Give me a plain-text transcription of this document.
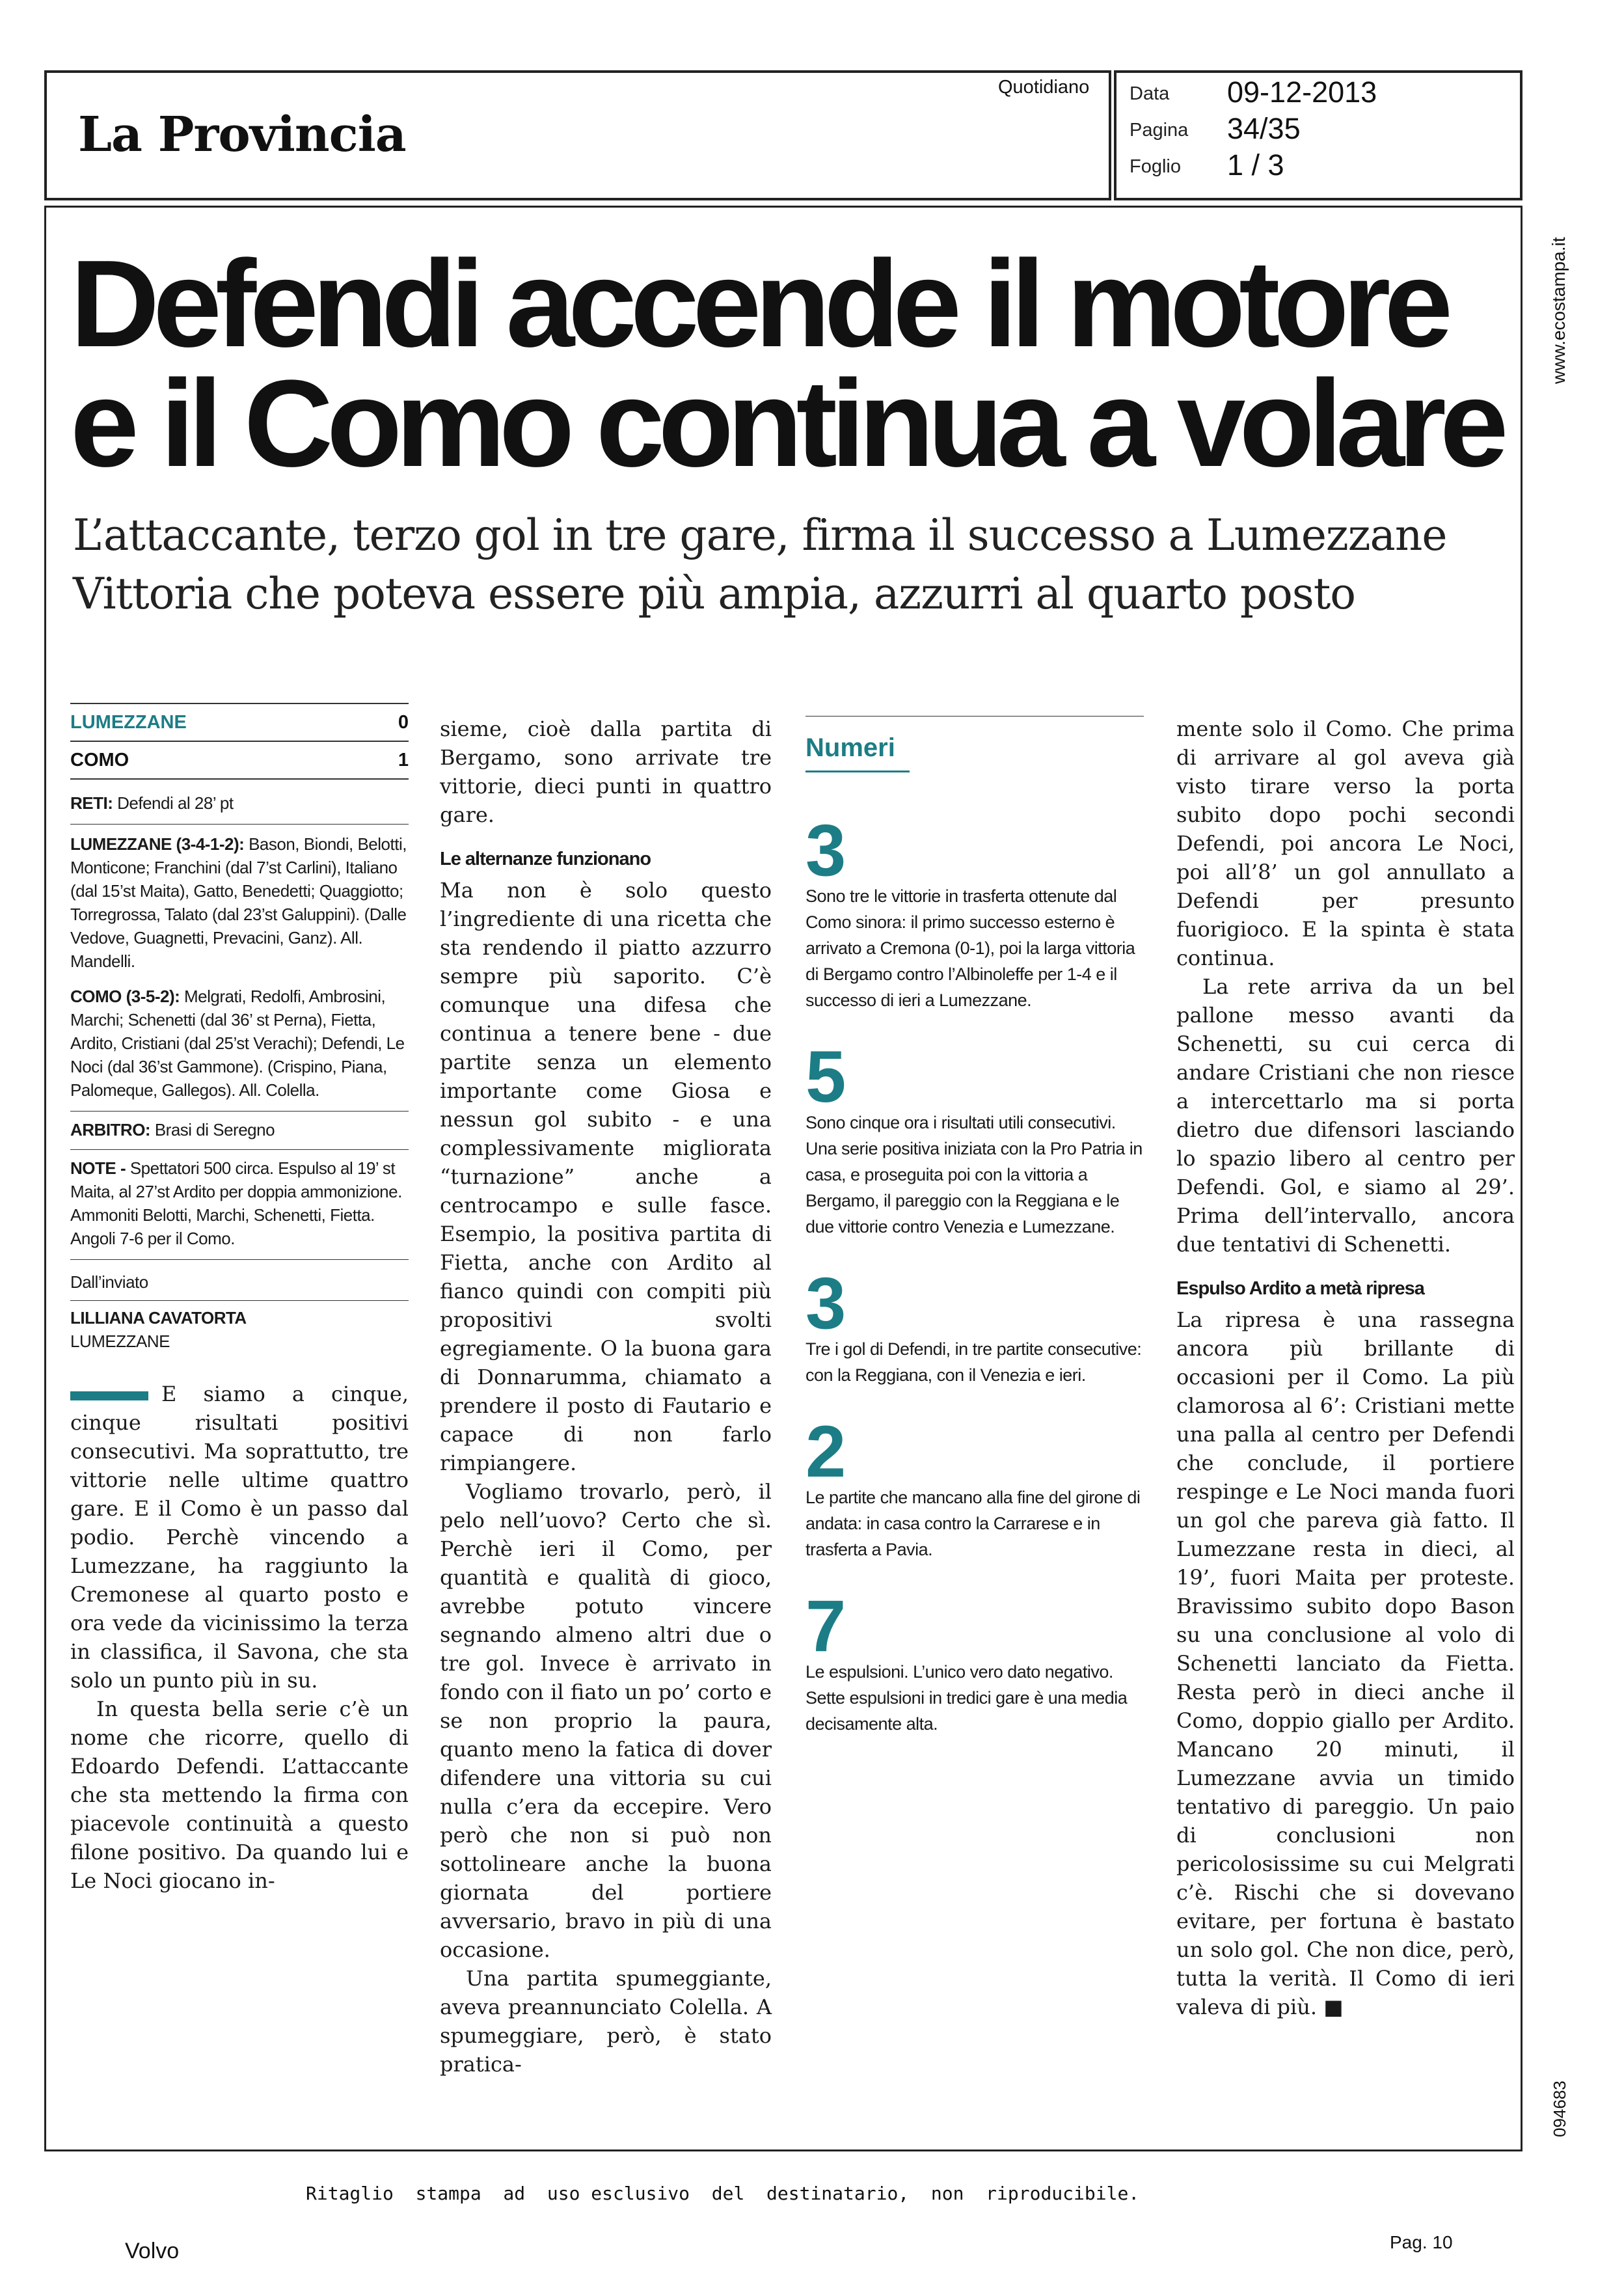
La Provincia
Quotidiano Data 09-12-2013
Pagina 34/35
Foglio 1 / 3
www.ecostampa.it
094683
Defendi accende il motore
e il Como continua a volare
L’attaccante, terzo gol in tre gare, firma il successo a Lumezzane
Vittoria che poteva essere più ampia, azzurri al quarto posto
LUMEZZANE	0
COMO	1
RETI: Defendi al 28’ pt
LUMEZZANE (3-4-1-2): Bason, Biondi, Belotti, Monticone; Franchini (dal 7’st Carlini), Italiano (dal 15’st Maita), Gatto, Benedetti; Quaggiotto; Torregrossa, Talato (dal 23’st Galuppini). (Dalle Vedove, Guagnetti, Prevacini, Ganz). All. Mandelli.
COMO (3-5-2): Melgrati, Redolfi, Ambrosini, Marchi; Schenetti (dal 36’ st Perna), Fietta, Ardito, Cristiani (dal 25’st Verachi); Defendi, Le Noci (dal 36’st Gammone). (Crispino, Piana, Palomeque, Gallegos). All. Colella.
ARBITRO: Brasi di Seregno
NOTE - Spettatori 500 circa. Espulso al 19’ st Maita, al 27’st Ardito per doppia ammonizione. Ammoniti Belotti, Marchi, Schenetti, Fietta. Angoli 7-6 per il Como.
Dall’inviato
LILLIANA CAVATORTA
LUMEZZANE

E siamo a cinque, cinque risultati positivi consecutivi. Ma soprattutto, tre vittorie nelle ultime quattro gare. E il Como è un passo dal podio. Perchè vincendo a Lumezzane, ha raggiunto la Cremonese al quarto posto e ora vede da vicinissimo la terza in classifica, il Savona, che sta solo un punto più in su.

In questa bella serie c’è un nome che ricorre, quello di Edoardo Defendi. L’attaccante che sta mettendo la firma con piacevole continuità a questo filone positivo. Da quando lui e Le Noci giocano in-

sieme, cioè dalla partita di Bergamo, sono arrivate tre vittorie, dieci punti in quattro gare.

Le alternanze funzionano

Ma non è solo questo l’ingrediente di una ricetta che sta rendendo il piatto azzurro sempre più saporito. C’è comunque una difesa che continua a tenere bene - due partite senza un elemento importante come Giosa e nessun gol subito - e una complessivamente migliorata “turnazione” anche a centrocampo e sulle fasce. Esempio, la positiva partita di Fietta, anche con Ardito al fianco quindi con compiti più propositivi svolti egregiamente. O la buona gara di Donnarumma, chiamato a prendere il posto di Fautario e capace di non farlo rimpiangere.

Vogliamo trovarlo, però, il pelo nell’uovo? Certo che sì. Perchè ieri il Como, per quantità e qualità di gioco, avrebbe potuto vincere segnando almeno altri due o tre gol. Invece è arrivato in fondo con il fiato un po’ corto e se non proprio la paura, quanto meno la fatica di dover difendere una vittoria su cui nulla c’era da eccepire. Vero però che non si può non sottolineare anche la buona giornata del portiere avversario, bravo in più di una occasione.

Una partita spumeggiante, aveva preannunciato Colella. A spumeggiare, però, è stato pratica-

Numeri
3
Sono tre le vittorie in trasferta ottenute dal Como sinora: il primo successo esterno è arrivato a Cremona (0-1), poi la larga vittoria di Bergamo contro l’Albinoleffe per 1-4 e il successo di ieri a Lumezzane.
5
Sono cinque ora i risultati utili consecutivi. Una serie positiva iniziata con la Pro Patria in casa, e proseguita poi con la vittoria a Bergamo, il pareggio con la Reggiana e le due vittorie contro Venezia e Lumezzane.
3
Tre i gol di Defendi, in tre partite consecutive: con la Reggiana, con il Venezia e ieri.
2
Le partite che mancano alla fine del girone di andata: in casa contro la Carrarese e in trasferta a Pavia.
7
Le espulsioni. L’unico vero dato negativo. Sette espulsioni in tredici gare è una media decisamente alta.

mente solo il Como. Che prima di arrivare al gol aveva già visto tirare verso la porta subito dopo pochi secondi Defendi, poi ancora Le Noci, poi all’8’ un gol annullato a Defendi per presunto fuorigioco. E la spinta è stata continua.

La rete arriva da un bel pallone messo avanti da Schenetti, su cui cerca di andare Cristiani che non riesce a intercettarlo ma si porta dietro due difensori lasciando lo spazio libero al centro per Defendi. Gol, e siamo al 29’. Prima dell’intervallo, ancora due tentativi di Schenetti.

Espulso Ardito a metà ripresa

La ripresa è una rassegna ancora più brillante di occasioni per il Como. La più clamorosa al 6’: Cristiani mette una palla al centro per Defendi che conclude, il portiere respinge e Le Noci manda fuori un gol che pareva già fatto. Il Lumezzane resta in dieci, al 19’, fuori Maita per proteste. Bravissimo subito dopo Bason su una conclusione al volo di Schenetti lanciato da Fietta. Resta però in dieci anche il Como, doppio giallo per Ardito. Mancano 20 minuti, il Lumezzane avvia un timido tentativo di pareggio. Un paio di conclusioni non pericolosissime su cui Melgrati c’è. Rischi che si dovevano evitare, per fortuna è bastato un solo gol. Che non dice, però, tutta la verità. Il Como di ieri valeva di più. ■

Ritaglio  stampa  ad  uso esclusivo  del  destinatario,  non  riproducibile.
Volvo	Pag. 10
